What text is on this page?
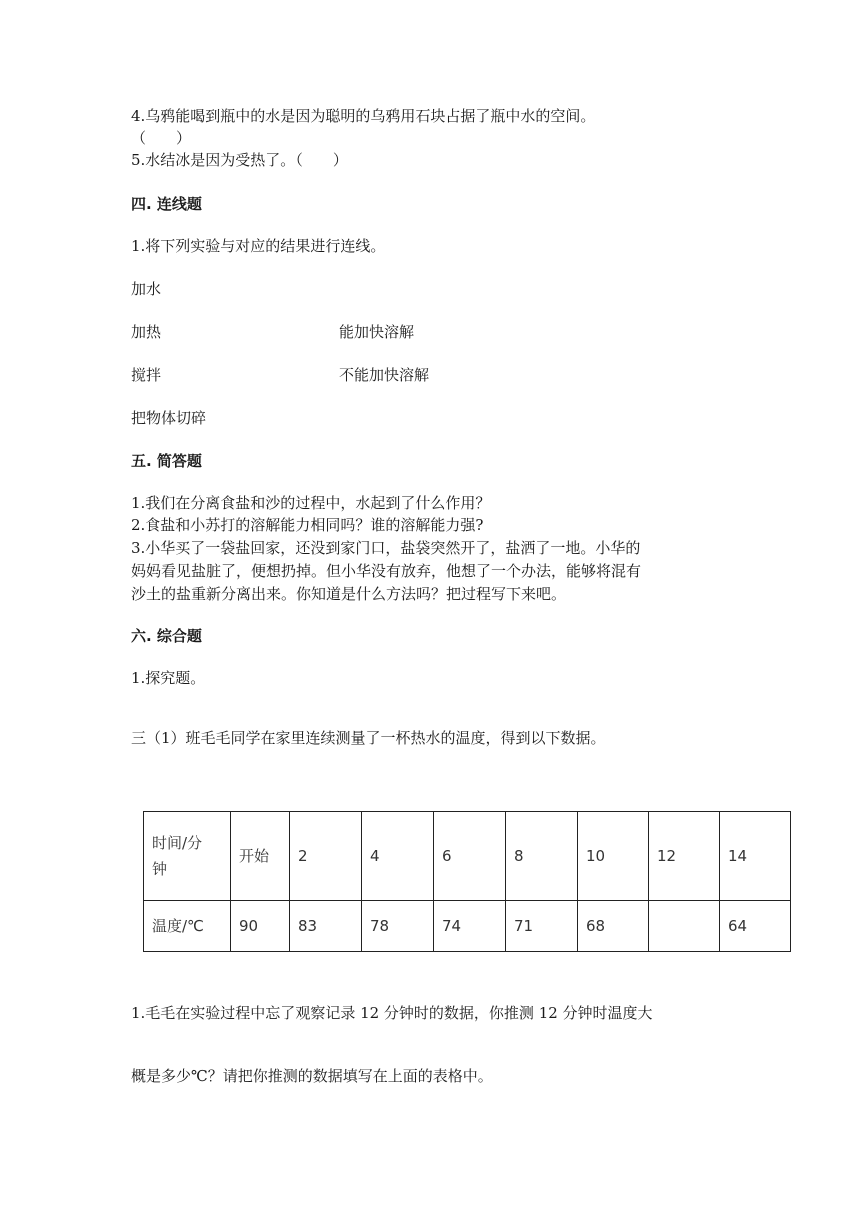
4.乌鸦能喝到瓶中的水是因为聪明的乌鸦用石块占据了瓶中水的空间。
（　　）
5.水结冰是因为受热了。（　　）
四. 连线题
1.将下列实验与对应的结果进行连线。
加水
加热	能加快溶解
搅拌	不能加快溶解
把物体切碎
五. 简答题
1.我们在分离食盐和沙的过程中，水起到了什么作用？
2.食盐和小苏打的溶解能力相同吗？谁的溶解能力强?
3.小华买了一袋盐回家，还没到家门口，盐袋突然开了，盐洒了一地。小华的
妈妈看见盐脏了，便想扔掉。但小华没有放弃，他想了一个办法，能够将混有
沙土的盐重新分离出来。你知道是什么方法吗？把过程写下来吧。
六. 综合题
1.探究题。
三（1）班毛毛同学在家里连续测量了一杯热水的温度，得到以下数据。
时间/分
钟	开始	2	4	6	8	10	12	14
温度/℃	90	83	78	74	71	68		64
1.毛毛在实验过程中忘了观察记录 12 分钟时的数据，你推测 12 分钟时温度大
概是多少℃？请把你推测的数据填写在上面的表格中。
